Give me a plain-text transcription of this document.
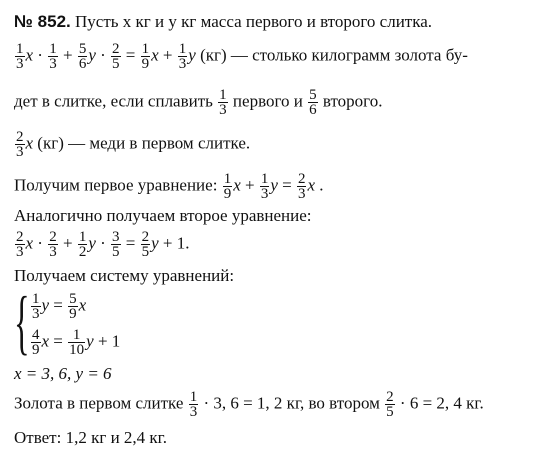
№ 852. Пусть x кг и y кг масса первого и второго слитка.
$\frac{1}{3}$ $x \cdot \frac{1}{3} + \frac{5}{6}$ $y \cdot \frac{2}{5} = \frac{1}{9}$ $x + \frac{1}{3}$ y (кг) — столько килограмм золота бу-
дет в слитке, если сплавить $\frac{1}{3}$ первого и $\frac{5}{6}$ второго.
$\frac{2}{3}$ x (кг) — меди в первом слитке.
Получим первое уравнение: $\frac{1}{9}$ $x + \frac{1}{3}$ $y = \frac{2}{3}$ x .
Аналогично получаем второе уравнение:
$\frac{2}{3}$ $x \cdot \frac{2}{3} + \frac{1}{2}$ $y \cdot \frac{3}{5} = \frac{2}{5}$ y + 1.
Получаем систему уравнений:
{ $\frac{1}{3}$ $y = \frac{5}{9}$ x
$\frac{4}{9}$ $x = \frac{1}{10}$ y + 1
x = 3, 6, y = 6
Золота в первом слитке $\frac{1}{3} \cdot 3$, 6 = 1, 2 кг, во втором $\frac{2}{5} \cdot 6 = 2$, 4 кг.
Ответ: 1,2 кг и 2,4 кг.
